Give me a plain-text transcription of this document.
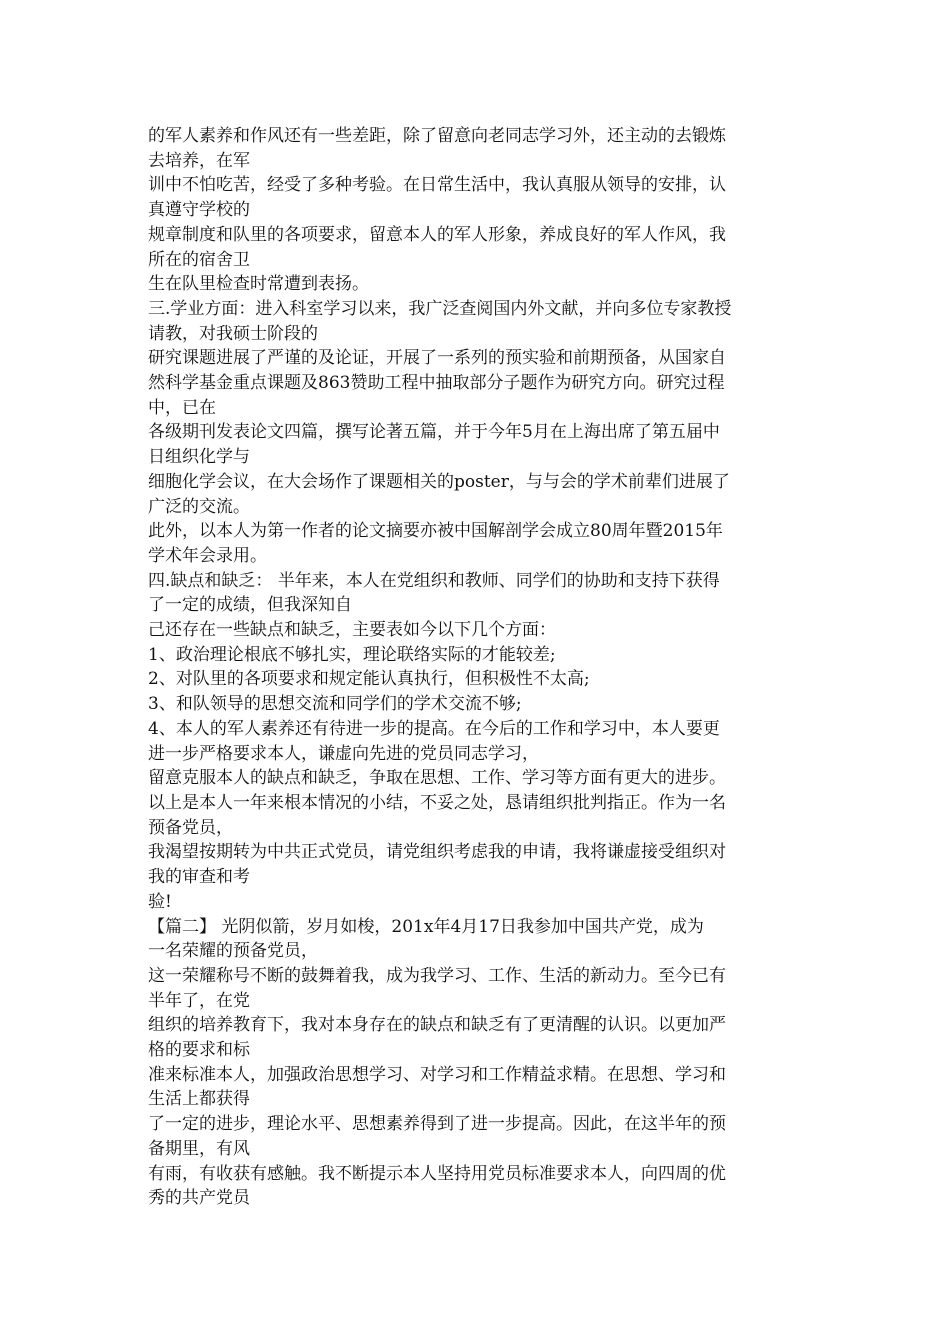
的军人素养和作风还有一些差距，除了留意向老同志学习外，还主动的去锻炼
去培养，在军
训中不怕吃苦，经受了多种考验。在日常生活中，我认真服从领导的安排，认
真遵守学校的
规章制度和队里的各项要求，留意本人的军人形象，养成良好的军人作风，我
所在的宿舍卫
生在队里检查时常遭到表扬。
三.学业方面：进入科室学习以来，我广泛查阅国内外文献，并向多位专家教授
请教，对我硕士阶段的
研究课题进展了严谨的及论证，开展了一系列的预实验和前期预备，从国家自
然科学基金重点课题及863赞助工程中抽取部分子题作为研究方向。研究过程
中，已在
各级期刊发表论文四篇，撰写论著五篇，并于今年5月在上海出席了第五届中
日组织化学与
细胞化学会议，在大会场作了课题相关的poster，与与会的学术前辈们进展了
广泛的交流。
此外，以本人为第一作者的论文摘要亦被中国解剖学会成立80周年暨2015年
学术年会录用。
四.缺点和缺乏： 半年来，本人在党组织和教师、同学们的协助和支持下获得
了一定的成绩，但我深知自
己还存在一些缺点和缺乏，主要表如今以下几个方面：
1、政治理论根底不够扎实，理论联络实际的才能较差;
2、对队里的各项要求和规定能认真执行，但积极性不太高;
3、和队领导的思想交流和同学们的学术交流不够;
4、本人的军人素养还有待进一步的提高。在今后的工作和学习中，本人要更
进一步严格要求本人，谦虚向先进的党员同志学习，
留意克服本人的缺点和缺乏，争取在思想、工作、学习等方面有更大的进步。
以上是本人一年来根本情况的小结，不妥之处，恳请组织批判指正。作为一名
预备党员，
我渴望按期转为中共正式党员，请党组织考虑我的申请，我将谦虚接受组织对
我的审查和考
验!
【篇二】 光阴似箭，岁月如梭，201x年4月17日我参加中国共产党，成为
一名荣耀的预备党员，
这一荣耀称号不断的鼓舞着我，成为我学习、工作、生活的新动力。至今已有
半年了，在党
组织的培养教育下，我对本身存在的缺点和缺乏有了更清醒的认识。以更加严
格的要求和标
准来标准本人，加强政治思想学习、对学习和工作精益求精。在思想、学习和
生活上都获得
了一定的进步，理论水平、思想素养得到了进一步提高。因此，在这半年的预
备期里，有风
有雨，有收获有感触。我不断提示本人坚持用党员标准要求本人，向四周的优
秀的共产党员
